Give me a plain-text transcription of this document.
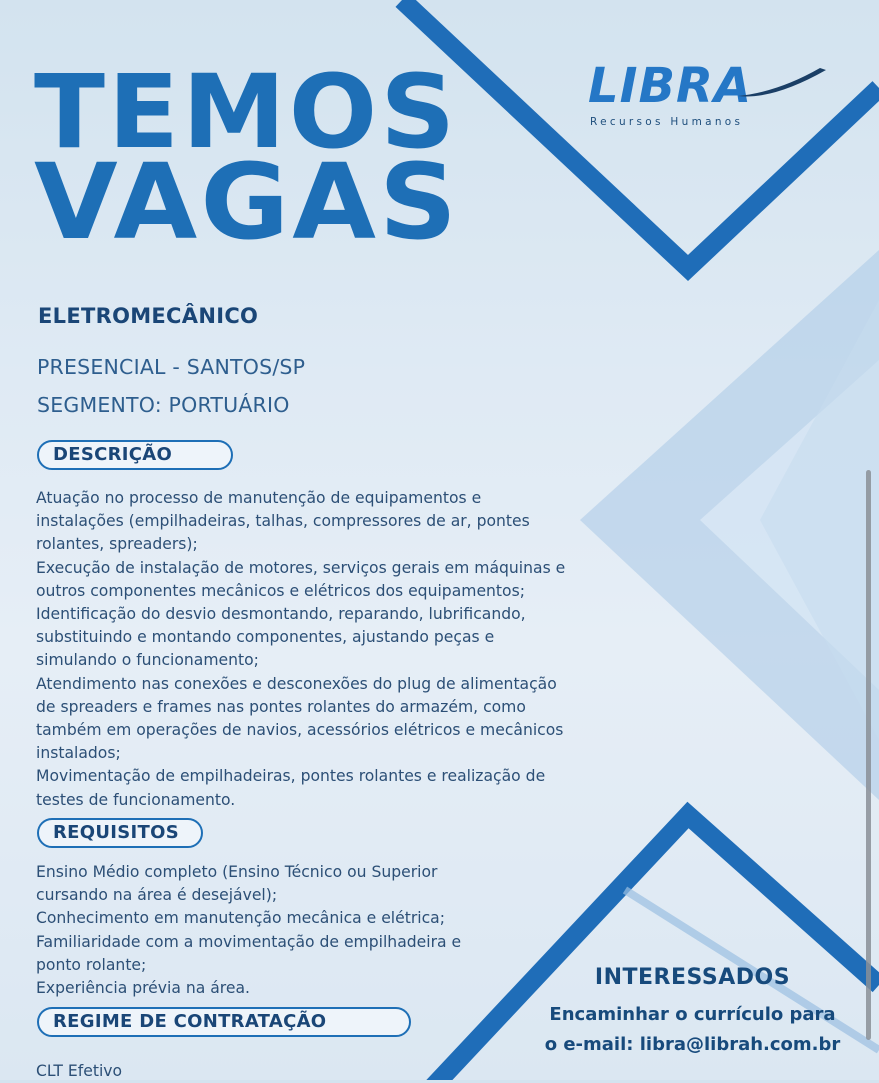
TEMOS
VAGAS
LIBRA
Recursos Humanos
ELETROMECÂNICO
PRESENCIAL - SANTOS/SP
SEGMENTO: PORTUÁRIO
DESCRIÇÃO
Atuação no processo de manutenção de equipamentos e
instalações (empilhadeiras, talhas, compressores de ar, pontes
rolantes, spreaders);
Execução de instalação de motores, serviços gerais em máquinas e
outros componentes mecânicos e elétricos dos equipamentos;
Identificação do desvio desmontando, reparando, lubrificando,
substituindo e montando componentes, ajustando peças e
simulando o funcionamento;
Atendimento nas conexões e desconexões do plug de alimentação
de spreaders e frames nas pontes rolantes do armazém, como
também em operações de navios, acessórios elétricos e mecânicos
instalados;
Movimentação de empilhadeiras, pontes rolantes e realização de
testes de funcionamento.
REQUISITOS
Ensino Médio completo (Ensino Técnico ou Superior
cursando na área é desejável);
Conhecimento em manutenção mecânica e elétrica;
Familiaridade com a movimentação de empilhadeira e
ponto rolante;
Experiência prévia na área.
REGIME DE CONTRATAÇÃO
CLT Efetivo
INTERESSADOS
Encaminhar o currículo para
o e-mail: libra@librah.com.br
